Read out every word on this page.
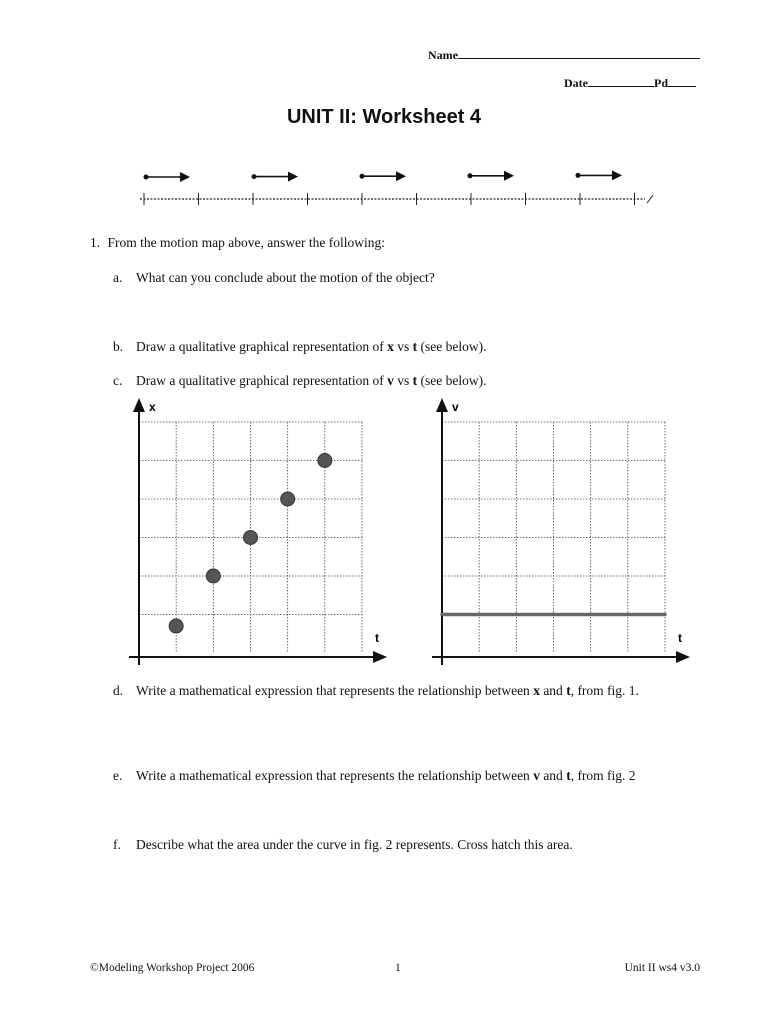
Name
Date	Pd
UNIT II: Worksheet 4
1. From the motion map above, answer the following:
a. What can you conclude about the motion of the object?
b. Draw a qualitative graphical representation of x vs t (see below).
c. Draw a qualitative graphical representation of v vs t (see below).
d. Write a mathematical expression that represents the relationship between x and t, from fig. 1.
e. Write a mathematical expression that represents the relationship between v and t, from fig. 2
f. Describe what the area under the curve in fig. 2 represents. Cross hatch this area.
x
t
v
t
©Modeling Workshop Project 2006	1	Unit II ws4 v3.0
